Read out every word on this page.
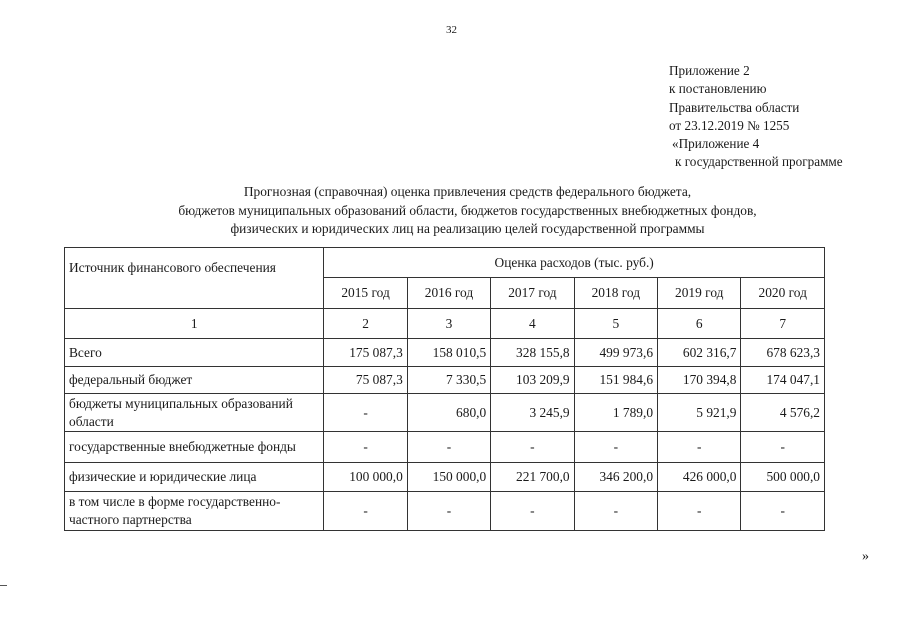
32
Приложение 2
к постановлению
Правительства области
от 23.12.2019 № 1255
«Приложение 4
к государственной программе
Прогнозная (справочная) оценка привлечения средств федерального бюджета,
бюджетов муниципальных образований области, бюджетов государственных внебюджетных фондов,
физических и юридических лиц на реализацию целей государственной программы
Источник финансового обеспечения	Оценка расходов (тыс. руб.)					
	2015 год	2016 год	2017 год	2018 год	2019 год	2020 год
1	2	3	4	5	6	7
Всего	175 087,3	158 010,5	328 155,8	499 973,6	602 316,7	678 623,3
федеральный бюджет	75 087,3	7 330,5	103 209,9	151 984,6	170 394,8	174 047,1
бюджеты муниципальных образований области	-	680,0	3 245,9	1 789,0	5 921,9	4 576,2
государственные внебюджетные фонды	-	-	-	-	-	-
физические и юридические лица	100 000,0	150 000,0	221 700,0	346 200,0	426 000,0	500 000,0
в том числе в форме государственно-частного партнерства	-	-	-	-	-	-
»
